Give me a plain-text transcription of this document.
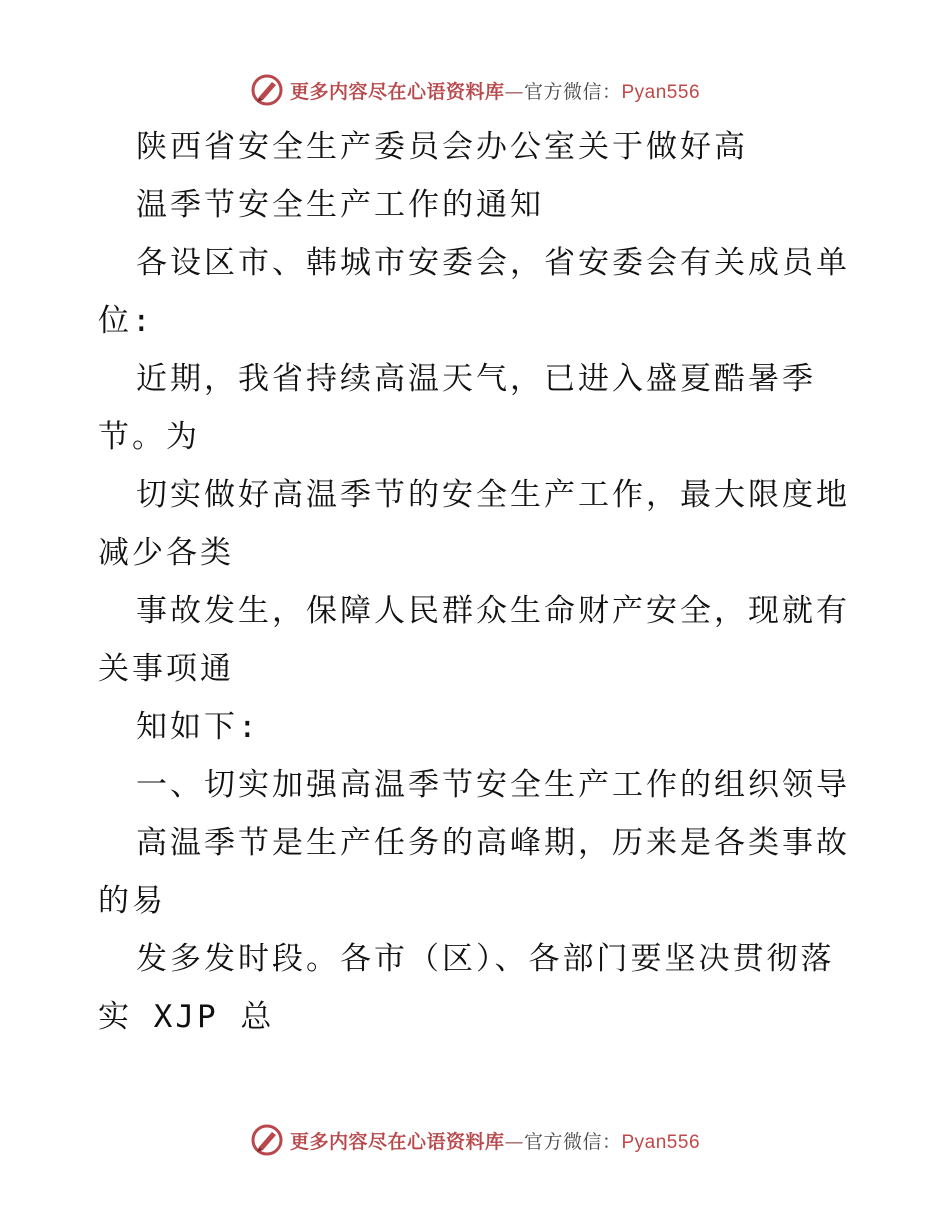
更多内容尽在心语资料库—官方微信：Pyan556
陕西省安全生产委员会办公室关于做好高
温季节安全生产工作的通知
各设区市、韩城市安委会，省安委会有关成员单
位:
近期，我省持续高温天气，已进入盛夏酷暑季
节。为
切实做好高温季节的安全生产工作，最大限度地
减少各类
事故发生，保障人民群众生命财产安全，现就有
关事项通
知如下:
一、切实加强高温季节安全生产工作的组织领导
高温季节是生产任务的高峰期，历来是各类事故
的易
发多发时段。各市（区）、各部门要坚决贯彻落
实 XJP 总
更多内容尽在心语资料库—官方微信：Pyan556
